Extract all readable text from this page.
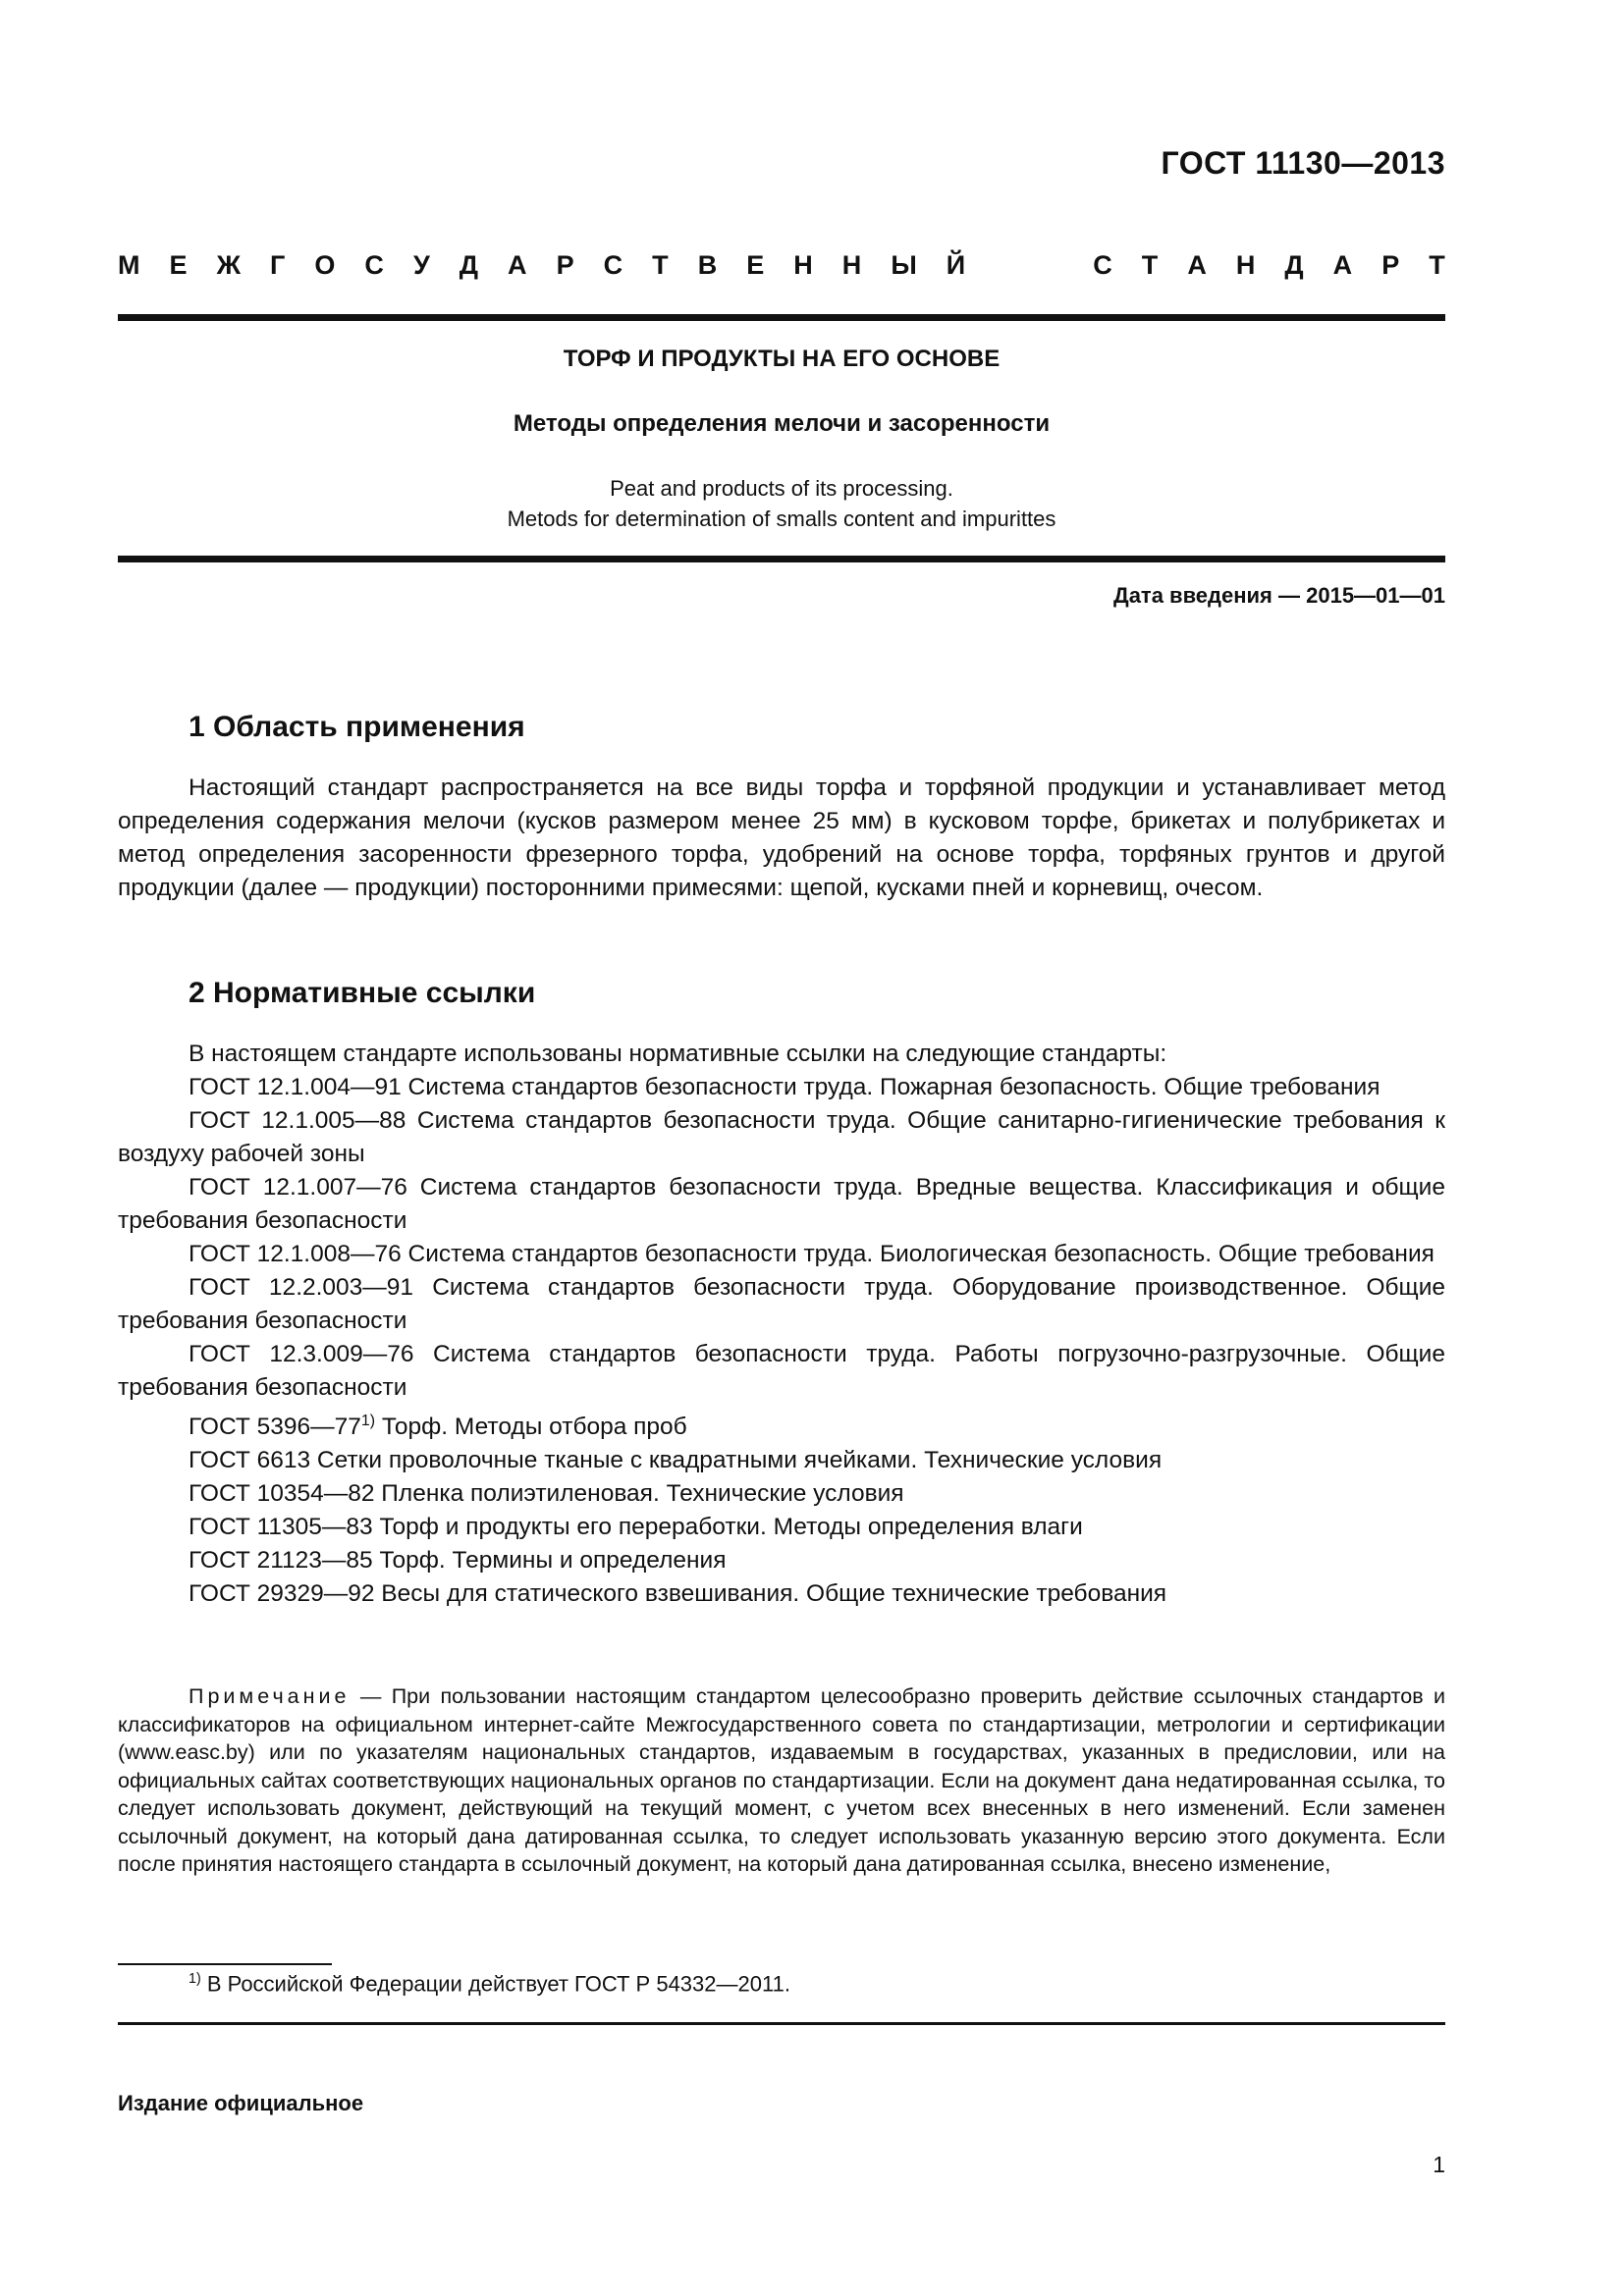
ГОСТ 11130—2013
М Е Ж Г О С У Д А Р С Т В Е Н Н Ы Й	С Т А Н Д А Р Т
ТОРФ И ПРОДУКТЫ НА ЕГО ОСНОВЕ
Методы определения мелочи и засоренности
Peat and products of its processing.
Metods for determination of smalls content and impurittes
Дата введения — 2015—01—01
1 Область применения

Настоящий стандарт распространяется на все виды торфа и торфяной продукции и устанавливает метод определения содержания мелочи (кусков размером менее 25 мм) в кусковом торфе, брикетах и полубрикетах и метод определения засоренности фрезерного торфа, удобрений на основе торфа, торфяных грунтов и другой продукции (далее — продукции) посторонними примесями: щепой, кусками пней и корневищ, очесом.

2 Нормативные ссылки

В настоящем стандарте использованы нормативные ссылки на следующие стандарты:

ГОСТ 12.1.004—91 Система стандартов безопасности труда. Пожарная безопасность. Общие требования

ГОСТ 12.1.005—88 Система стандартов безопасности труда. Общие санитарно-гигиенические требования к воздуху рабочей зоны

ГОСТ 12.1.007—76 Система стандартов безопасности труда. Вредные вещества. Классификация и общие требования безопасности

ГОСТ 12.1.008—76 Система стандартов безопасности труда. Биологическая безопасность. Общие требования

ГОСТ 12.2.003—91 Система стандартов безопасности труда. Оборудование производственное. Общие требования безопасности

ГОСТ 12.3.009—76 Система стандартов безопасности труда. Работы погрузочно-разгрузочные. Общие требования безопасности

ГОСТ 5396—77$^{1)}$ Торф. Методы отбора проб

ГОСТ 6613 Сетки проволочные тканые с квадратными ячейками. Технические условия

ГОСТ 10354—82 Пленка полиэтиленовая. Технические условия

ГОСТ 11305—83 Торф и продукты его переработки. Методы определения влаги

ГОСТ 21123—85 Торф. Термины и определения

ГОСТ 29329—92 Весы для статического взвешивания. Общие технические требования

Примечание — При пользовании настоящим стандартом целесообразно проверить действие ссылочных стандартов и классификаторов на официальном интернет-сайте Межгосударственного совета по стандартизации, метрологии и сертификации (www.easc.by) или по указателям национальных стандартов, издаваемым в государствах, указанных в предисловии, или на официальных сайтах соответствующих национальных органов по стандартизации. Если на документ дана недатированная ссылка, то следует использовать документ, действующий на текущий момент, с учетом всех внесенных в него изменений. Если заменен ссылочный документ, на который дана датированная ссылка, то следует использовать указанную версию этого документа. Если после принятия настоящего стандарта в ссылочный документ, на который дана датированная ссылка, внесено изменение,
$^{1)}$ В Российской Федерации действует ГОСТ Р 54332—2011.
Издание официальное
1
